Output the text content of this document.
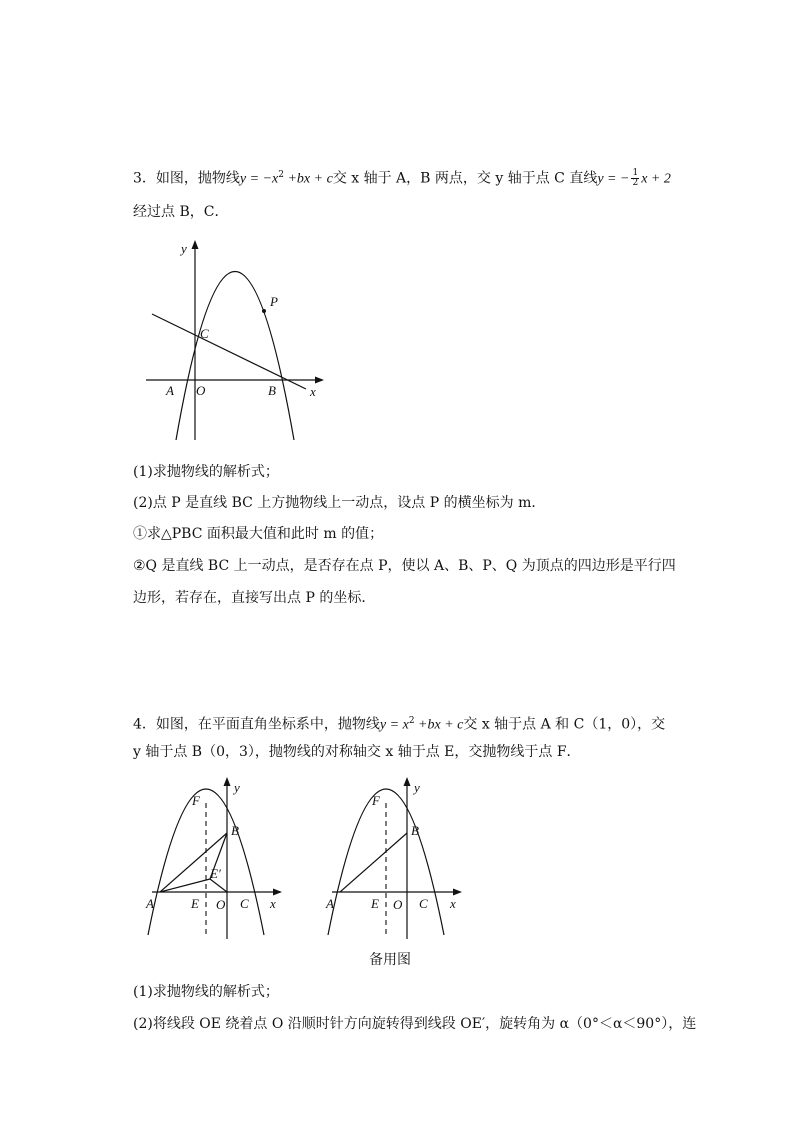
3．如图，抛物线$y = -x^2 +bx + c$交 x 轴于 A，B 两点，交 y 轴于点 C 直线y = − $\frac{1}{2}$ x + 2
经过点 B，C．
y
x
A O	B
C
P
(1)求抛物线的解析式；
(2)点 P 是直线 BC 上方抛物线上一动点，设点 P 的横坐标为 m．
①求△PBC 面积最大值和此时 m 的值；
②Q 是直线 BC 上一动点，是否存在点 P，使以 A、B、P、Q 为顶点的四边形是平行四
边形，若存在，直接写出点 P 的坐标．
4．如图，在平面直角坐标系中，抛物线$y = x^2 +bx + c$交 x 轴于点 A 和 C（1，0），交
y 轴于点 B（0，3），抛物线的对称轴交 x 轴于点 E，交抛物线于点 F．
F
y
B
E′
A	E O C x
F
y
B
A	E O C x
备用图
(1)求抛物线的解析式；
(2)将线段 OE 绕着点 O 沿顺时针方向旋转得到线段 OE′，旋转角为 α（0°＜α＜90°），连
